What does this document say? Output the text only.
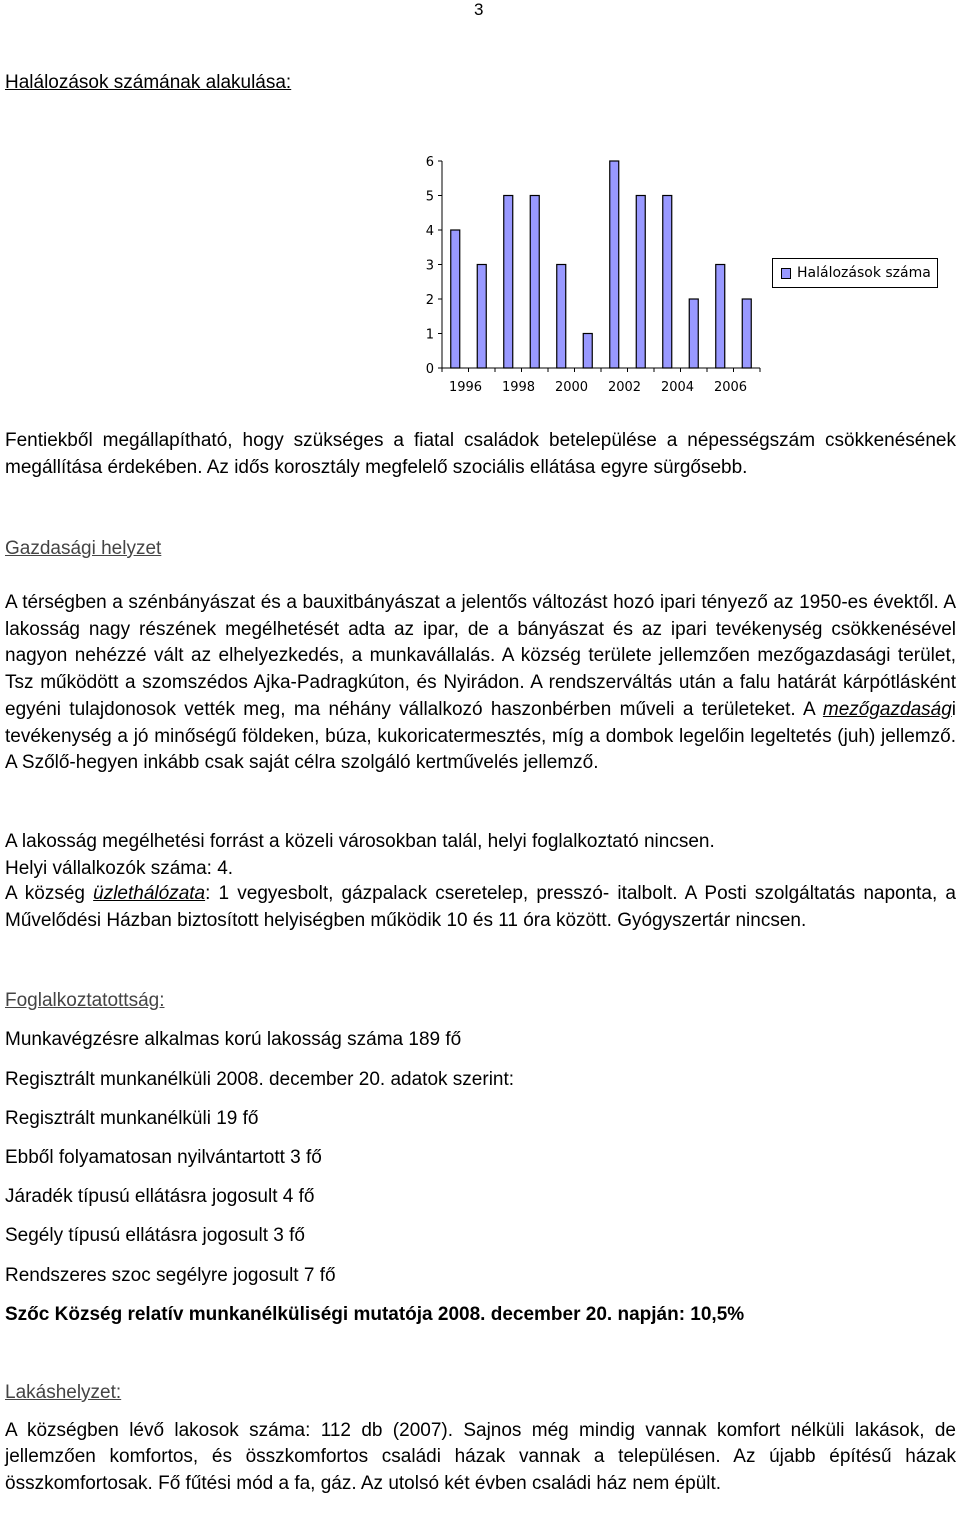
3
Halálozások számának alakulása:
0
1
2
3
4
5
6
1996 1998 2000 2002 2004 2006
Halálozások száma
Fentiekből megállapítható, hogy szükséges a fiatal családok betelepülése a népességszám csökkenésének megállítása érdekében. Az idős korosztály megfelelő szociális ellátása egyre sürgősebb.
Gazdasági helyzet
A térségben a szénbányászat és a bauxitbányászat a jelentős változást hozó ipari tényező az 1950-es évektől. A lakosság nagy részének megélhetését adta az ipar, de a bányászat és az ipari tevékenység csökkenésével nagyon nehézzé vált az elhelyezkedés, a munkavállalás. A község területe jellemzően mezőgazdasági terület, Tsz működött a szomszédos Ajka-Padragkúton, és Nyirádon. A rendszerváltás után a falu határát kárpótlásként egyéni tulajdonosok vették meg, ma néhány vállalkozó haszonbérben műveli a területeket. A mezőgazdasági tevékenység a jó minőségű földeken, búza, kukoricatermesztés, míg a dombok legelőin legeltetés (juh) jellemző. A Szőlő-hegyen inkább csak saját célra szolgáló kertművelés jellemző.
A lakosság megélhetési forrást a közeli városokban talál, helyi foglalkoztató nincsen.
Helyi vállalkozók száma: 4.
A község üzlethálózata: 1 vegyesbolt, gázpalack cseretelep, presszó- italbolt. A Posti szolgáltatás naponta, a Művelődési Házban biztosított helyiségben működik 10 és 11 óra között. Gyógyszertár nincsen.
Foglalkoztatottság:
Munkavégzésre alkalmas korú lakosság száma 189 fő
Regisztrált munkanélküli 2008. december 20. adatok szerint:
Regisztrált munkanélküli 19 fő
Ebből folyamatosan nyilvántartott 3 fő
Járadék típusú ellátásra jogosult 4 fő
Segély típusú ellátásra jogosult 3 fő
Rendszeres szoc segélyre jogosult 7 fő
Szőc Község relatív munkanélküliségi mutatója 2008. december 20. napján: 10,5%
Lakáshelyzet:
A községben lévő lakosok száma: 112 db (2007). Sajnos még mindig vannak komfort nélküli lakások, de jellemzően komfortos, és összkomfortos családi házak vannak a településen. Az újabb építésű házak összkomfortosak. Fő fűtési mód a fa, gáz. Az utolsó két évben családi ház nem épült.
